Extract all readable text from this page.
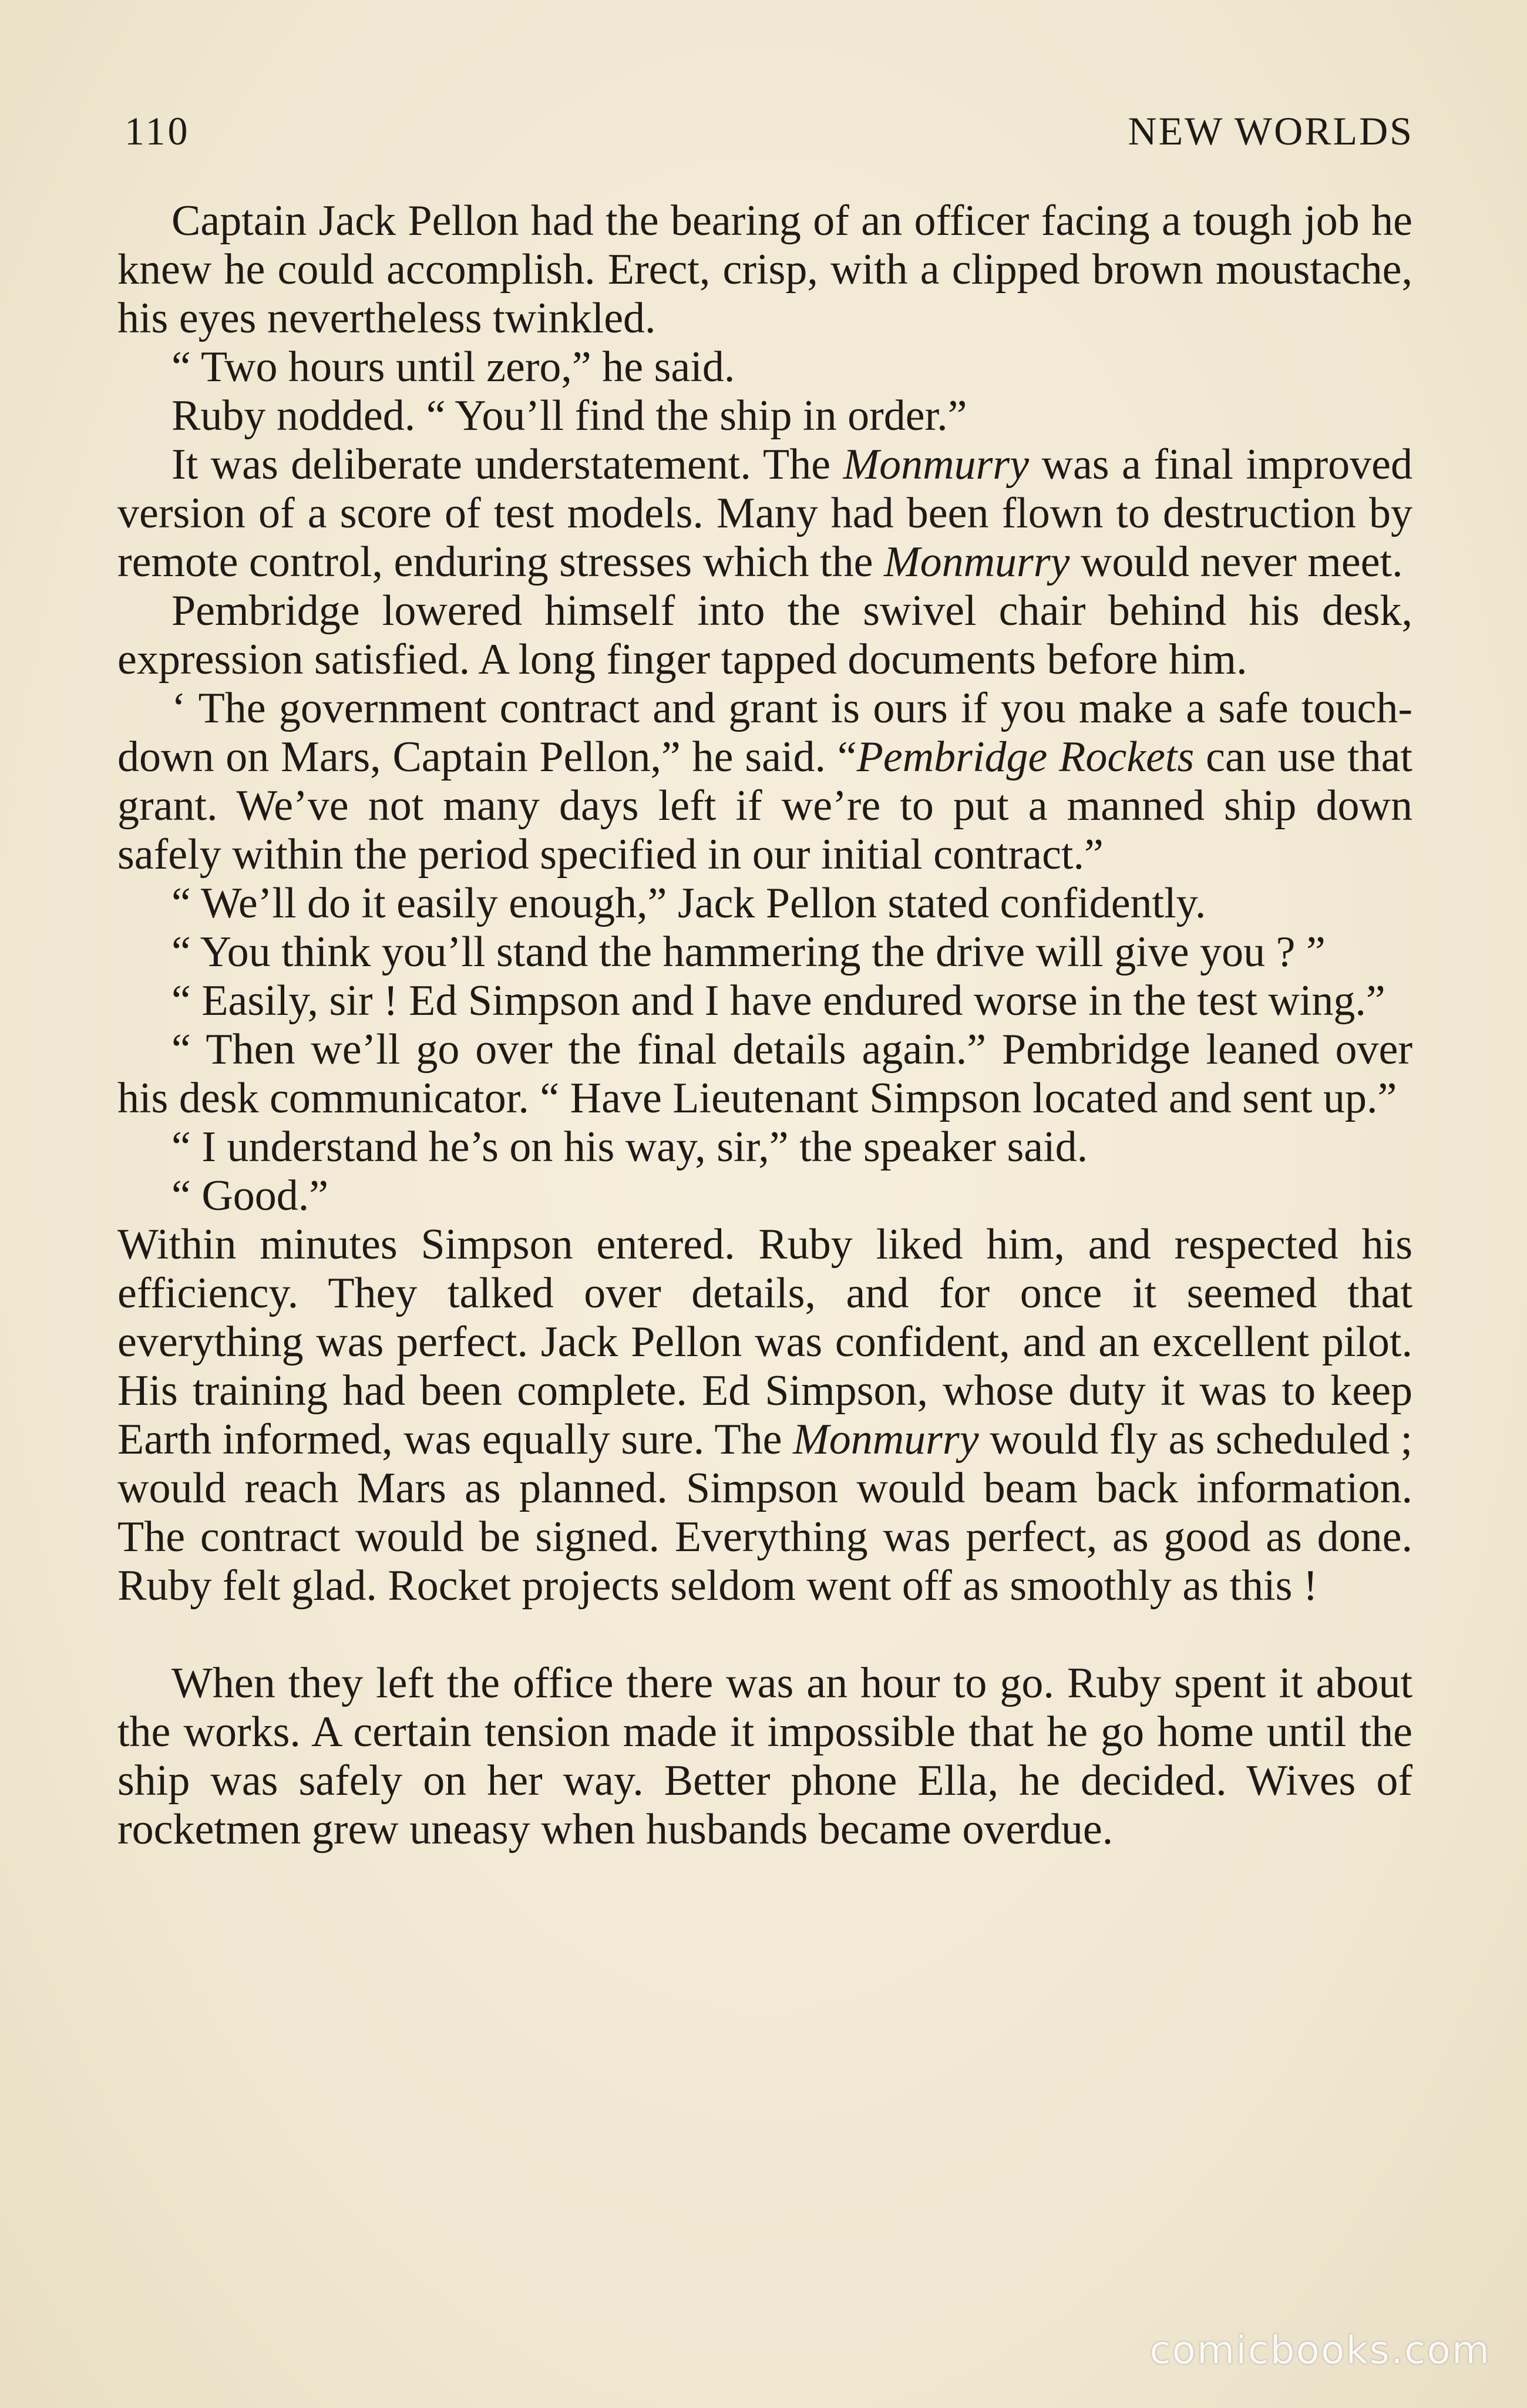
110	NEW WORLDS

Captain Jack Pellon had the bearing of an officer facing a tough job he knew he could accomplish. Erect, crisp, with a clipped brown moustache, his eyes nevertheless twinkled.

“ Two hours until zero,” he said.

Ruby nodded. “ You’ll find the ship in order.”

It was deliberate understatement. The Monmurry was a final improved version of a score of test models. Many had been flown to destruction by remote control, enduring stresses which the Monmurry would never meet.

Pembridge lowered himself into the swivel chair behind his desk, expression satisfied. A long finger tapped documents before him.

‘ The government contract and grant is ours if you make a safe touch-down on Mars, Captain Pellon,” he said. “Pembridge Rockets can use that grant. We’ve not many days left if we’re to put a manned ship down safely within the period specified in our initial contract.”

“ We’ll do it easily enough,” Jack Pellon stated confidently.

“ You think you’ll stand the hammering the drive will give you ? ”

“ Easily, sir ! Ed Simpson and I have endured worse in the test wing.”

“ Then we’ll go over the final details again.” Pembridge leaned over his desk communicator. “ Have Lieutenant Simpson located and sent up.”

“ I understand he’s on his way, sir,” the speaker said.

“ Good.”

Within minutes Simpson entered. Ruby liked him, and respected his efficiency. They talked over details, and for once it seemed that everything was perfect. Jack Pellon was confident, and an excellent pilot. His training had been complete. Ed Simpson, whose duty it was to keep Earth informed, was equally sure. The Monmurry would fly as scheduled ; would reach Mars as planned. Simpson would beam back information. The contract would be signed. Everything was perfect, as good as done. Ruby felt glad. Rocket projects seldom went off as smoothly as this !

When they left the office there was an hour to go. Ruby spent it about the works. A certain tension made it impossible that he go home until the ship was safely on her way. Better phone Ella, he decided. Wives of rocketmen grew uneasy when husbands became overdue.

comicbooks.com
